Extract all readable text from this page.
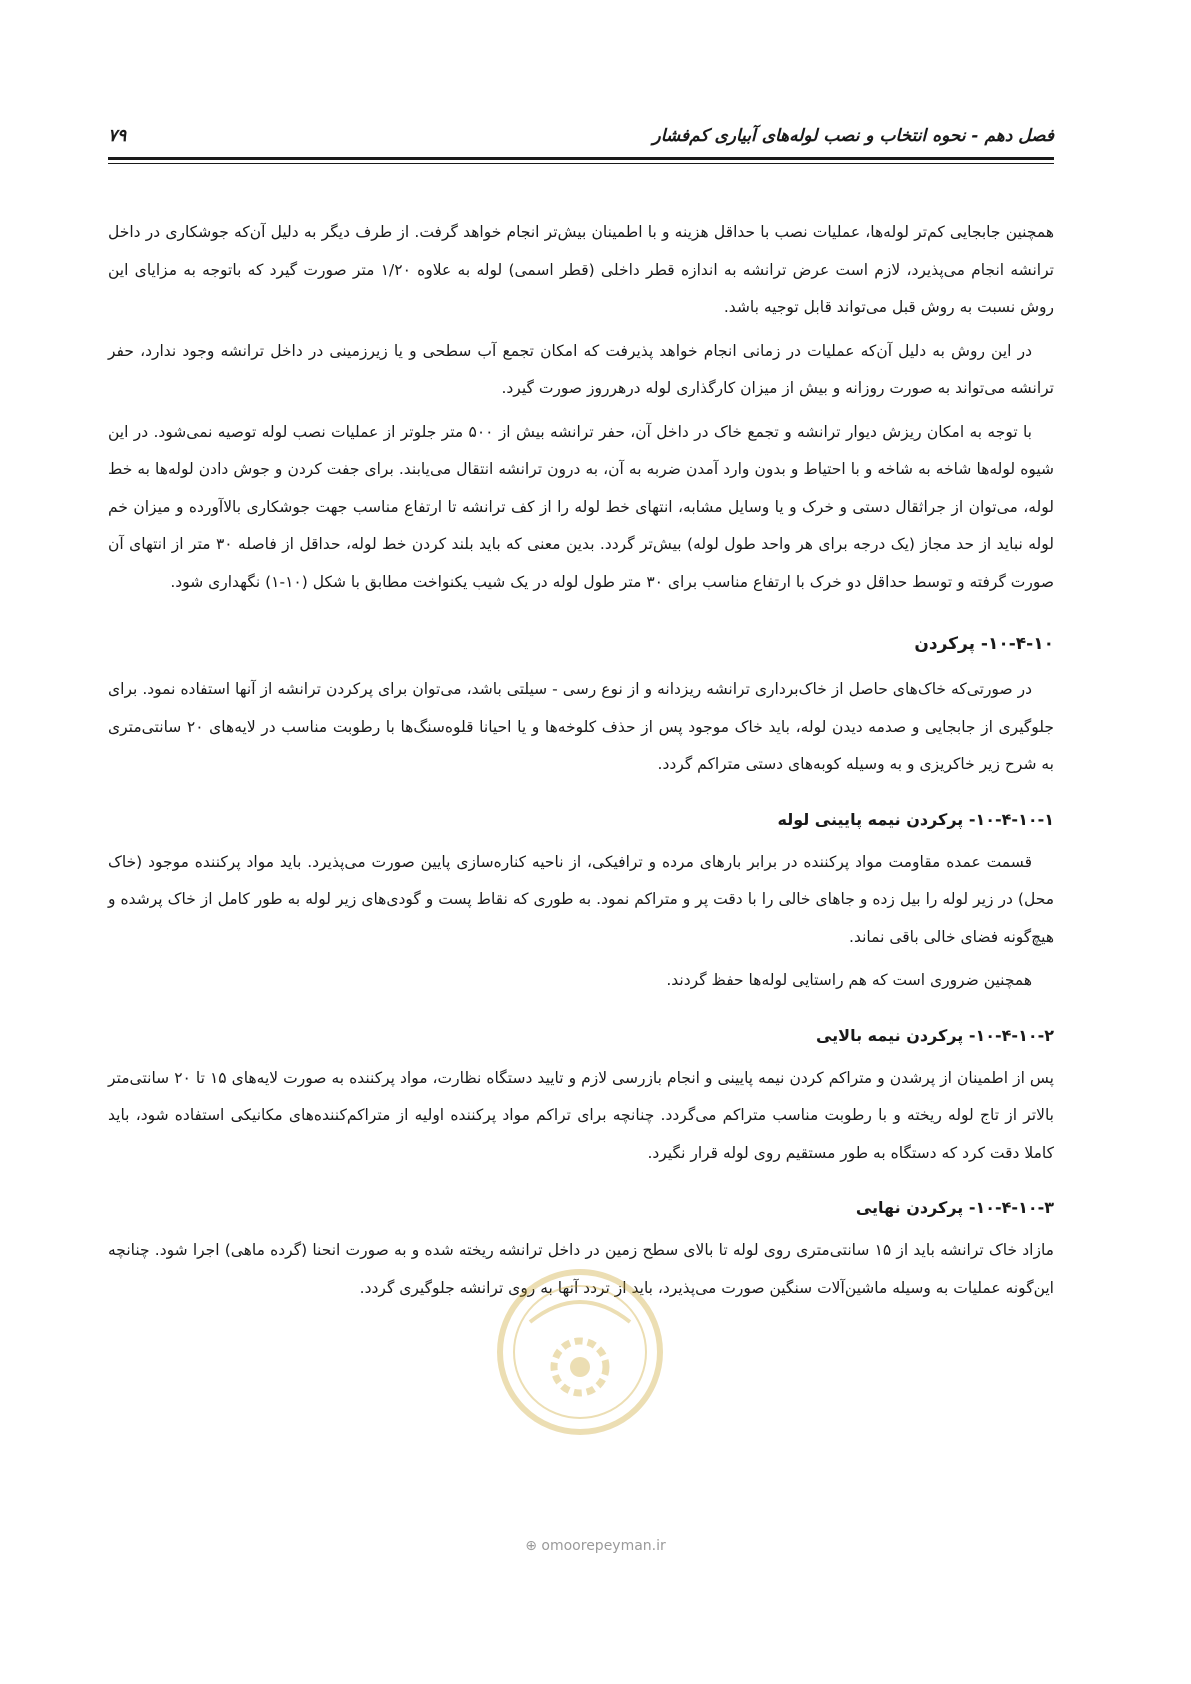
۷۹	فصل دهم - نحوه انتخاب و نصب لوله‌های آبیاری کم‌فشار

همچنین جابجایی کم‌تر لوله‌ها، عملیات نصب با حداقل هزینه و با اطمینان بیش‌تر انجام خواهد گرفت. از طرف دیگر به دلیل آن‌که جوشکاری در داخل ترانشه انجام می‌پذیرد، لازم است عرض ترانشه به اندازه قطر داخلی (قطر اسمی) لوله به علاوه ۱/۲۰ متر صورت گیرد که باتوجه به مزایای این روش نسبت به روش قبل می‌تواند قابل توجیه باشد.

در این روش به دلیل آن‌که عملیات در زمانی انجام خواهد پذیرفت که امکان تجمع آب سطحی و یا زیرزمینی در داخل ترانشه وجود ندارد، حفر ترانشه می‌تواند به صورت روزانه و بیش از میزان کارگذاری لوله درهرروز صورت گیرد.

با توجه به امکان ریزش دیوار ترانشه و تجمع خاک در داخل آن، حفر ترانشه بیش از ۵۰۰ متر جلوتر از عملیات نصب لوله توصیه نمی‌شود. در این شیوه لوله‌ها شاخه به شاخه و با احتیاط و بدون وارد آمدن ضربه به آن، به درون ترانشه انتقال می‌یابند. برای جفت کردن و جوش دادن لوله‌ها به خط لوله، می‌توان از جراثقال دستی و خرک و یا وسایل مشابه، انتهای خط لوله را از کف ترانشه تا ارتفاع مناسب جهت جوشکاری بالاآورده و میزان خم لوله نباید از حد مجاز (یک درجه برای هر واحد طول لوله) بیش‌تر گردد. بدین معنی که باید بلند کردن خط لوله، حداقل از فاصله ۳۰ متر از انتهای آن صورت گرفته و توسط حداقل دو خرک با ارتفاع مناسب برای ۳۰ متر طول لوله در یک شیب یکنواخت مطابق با شکل (۱۰-۱) نگهداری شود.

۱۰-۴-۱۰- پرکردن

در صورتی‌که خاک‌های حاصل از خاک‌برداری ترانشه ریزدانه و از نوع رسی - سیلتی باشد، می‌توان برای پرکردن ترانشه از آنها استفاده نمود. برای جلوگیری از جابجایی و صدمه دیدن لوله، باید خاک موجود پس از حذف کلوخه‌ها و یا احیانا قلوه‌سنگ‌ها با رطوبت مناسب در لایه‌های ۲۰ سانتی‌متری به شرح زیر خاکریزی و به وسیله کوبه‌های دستی متراکم گردد.

۱۰-۴-۱۰-۱- پرکردن نیمه پایینی لوله

قسمت عمده مقاومت مواد پرکننده در برابر بارهای مرده و ترافیکی، از ناحیه کناره‌سازی پایین صورت می‌پذیرد. باید مواد پرکننده موجود (خاک محل) در زیر لوله را بیل زده و جاهای خالی را با دقت پر و متراکم نمود. به طوری که نقاط پست و گودی‌های زیر لوله به طور کامل از خاک پرشده و هیچ‌گونه فضای خالی باقی نماند.

همچنین ضروری است که هم راستایی لوله‌ها حفظ گردند.

۱۰-۴-۱۰-۲- پرکردن نیمه بالایی

پس از اطمینان از پرشدن و متراکم کردن نیمه پایینی و انجام بازرسی لازم و تایید دستگاه نظارت، مواد پرکننده به صورت لایه‌های ۱۵ تا ۲۰ سانتی‌متر بالاتر از تاج لوله ریخته و با رطوبت مناسب متراکم می‌گردد. چنانچه برای تراکم مواد پرکننده اولیه از متراکم‌کننده‌های مکانیکی استفاده شود، باید کاملا دقت کرد که دستگاه به طور مستقیم روی لوله قرار نگیرد.

۱۰-۴-۱۰-۳- پرکردن نهایی

مازاد خاک ترانشه باید از ۱۵ سانتی‌متری روی لوله تا بالای سطح زمین در داخل ترانشه ریخته شده و به صورت انحنا (گرده ماهی) اجرا شود. چنانچه این‌گونه عملیات به وسیله ماشین‌آلات سنگین صورت می‌پذیرد، باید از تردد آنها به روی ترانشه جلوگیری گردد.

⊕ omoorepeyman.ir
